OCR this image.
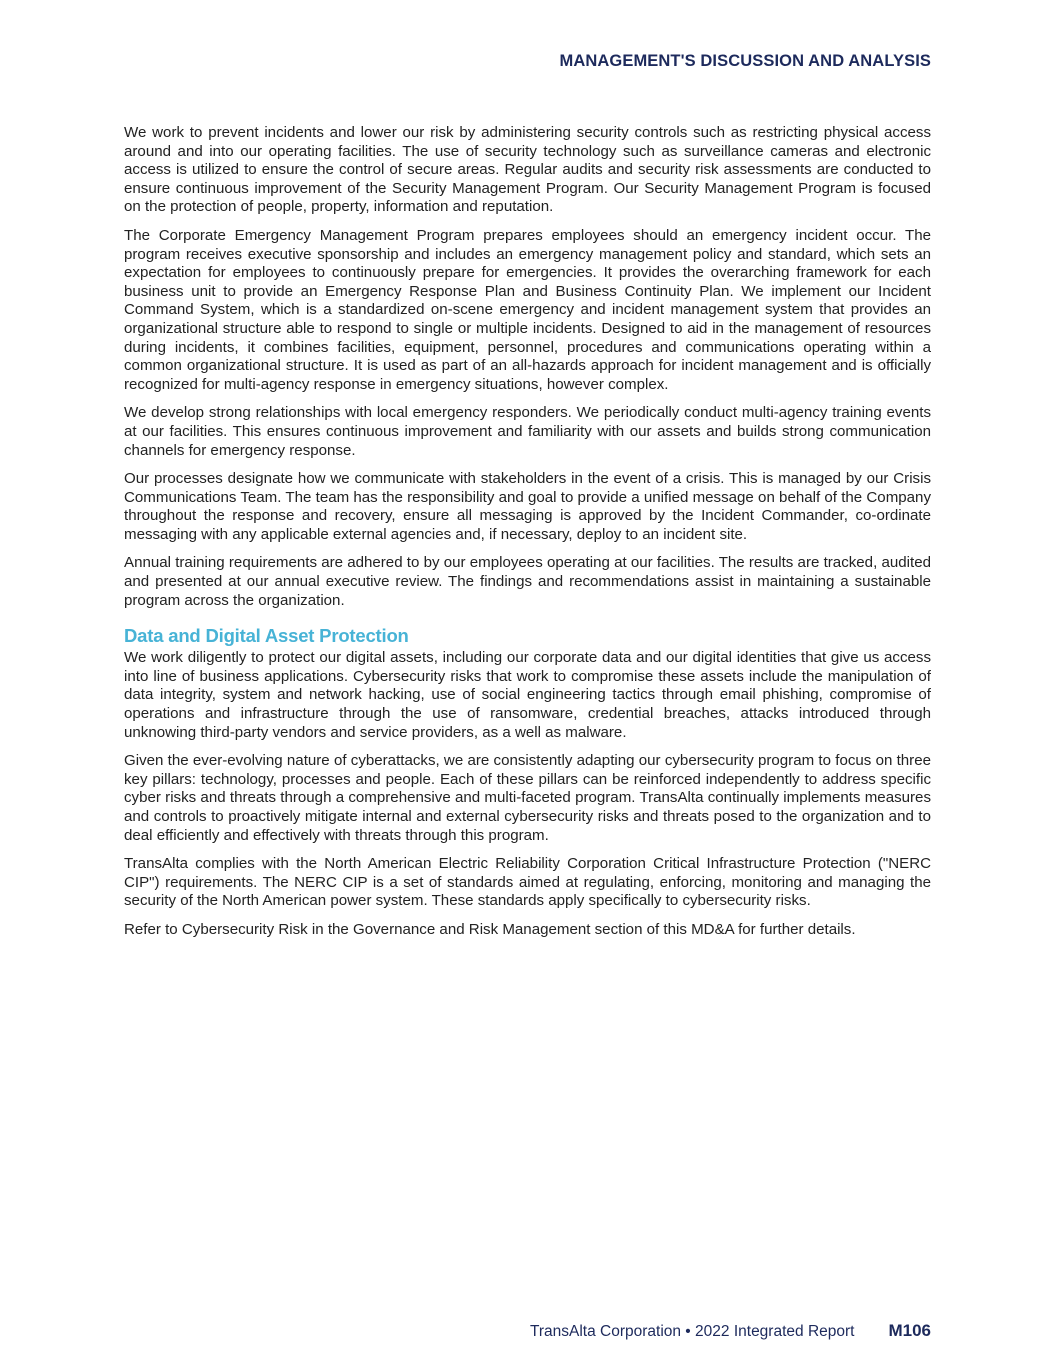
MANAGEMENT'S DISCUSSION AND ANALYSIS

We work to prevent incidents and lower our risk by administering security controls such as restricting physical access around and into our operating facilities. The use of security technology such as surveillance cameras and electronic access is utilized to ensure the control of secure areas. Regular audits and security risk assessments are conducted to ensure continuous improvement of the Security Management Program. Our Security Management Program is focused on the protection of people, property, information and reputation.

The Corporate Emergency Management Program prepares employees should an emergency incident occur. The program receives executive sponsorship and includes an emergency management policy and standard, which sets an expectation for employees to continuously prepare for emergencies. It provides the overarching framework for each business unit to provide an Emergency Response Plan and Business Continuity Plan. We implement our Incident Command System, which is a standardized on-scene emergency and incident management system that provides an organizational structure able to respond to single or multiple incidents. Designed to aid in the management of resources during incidents, it combines facilities, equipment, personnel, procedures and communications operating within a common organizational structure. It is used as part of an all-hazards approach for incident management and is officially recognized for multi-agency response in emergency situations, however complex.

We develop strong relationships with local emergency responders. We periodically conduct multi-agency training events at our facilities. This ensures continuous improvement and familiarity with our assets and builds strong communication channels for emergency response.

Our processes designate how we communicate with stakeholders in the event of a crisis. This is managed by our Crisis Communications Team. The team has the responsibility and goal to provide a unified message on behalf of the Company throughout the response and recovery, ensure all messaging is approved by the Incident Commander, co-ordinate messaging with any applicable external agencies and, if necessary, deploy to an incident site.

Annual training requirements are adhered to by our employees operating at our facilities. The results are tracked, audited and presented at our annual executive review. The findings and recommendations assist in maintaining a sustainable program across the organization.

Data and Digital Asset Protection

We work diligently to protect our digital assets, including our corporate data and our digital identities that give us access into line of business applications. Cybersecurity risks that work to compromise these assets include the manipulation of data integrity, system and network hacking, use of social engineering tactics through email phishing, compromise of operations and infrastructure through the use of ransomware, credential breaches, attacks introduced through unknowing third-party vendors and service providers, as a well as malware.

Given the ever-evolving nature of cyberattacks, we are consistently adapting our cybersecurity program to focus on three key pillars: technology, processes and people. Each of these pillars can be reinforced independently to address specific cyber risks and threats through a comprehensive and multi-faceted program. TransAlta continually implements measures and controls to proactively mitigate internal and external cybersecurity risks and threats posed to the organization and to deal efficiently and effectively with threats through this program.

TransAlta complies with the North American Electric Reliability Corporation Critical Infrastructure Protection ("NERC CIP") requirements. The NERC CIP is a set of standards aimed at regulating, enforcing, monitoring and managing the security of the North American power system. These standards apply specifically to cybersecurity risks.

Refer to Cybersecurity Risk in the Governance and Risk Management section of this MD&A for further details.

TransAlta Corporation • 2022 Integrated Report M106
